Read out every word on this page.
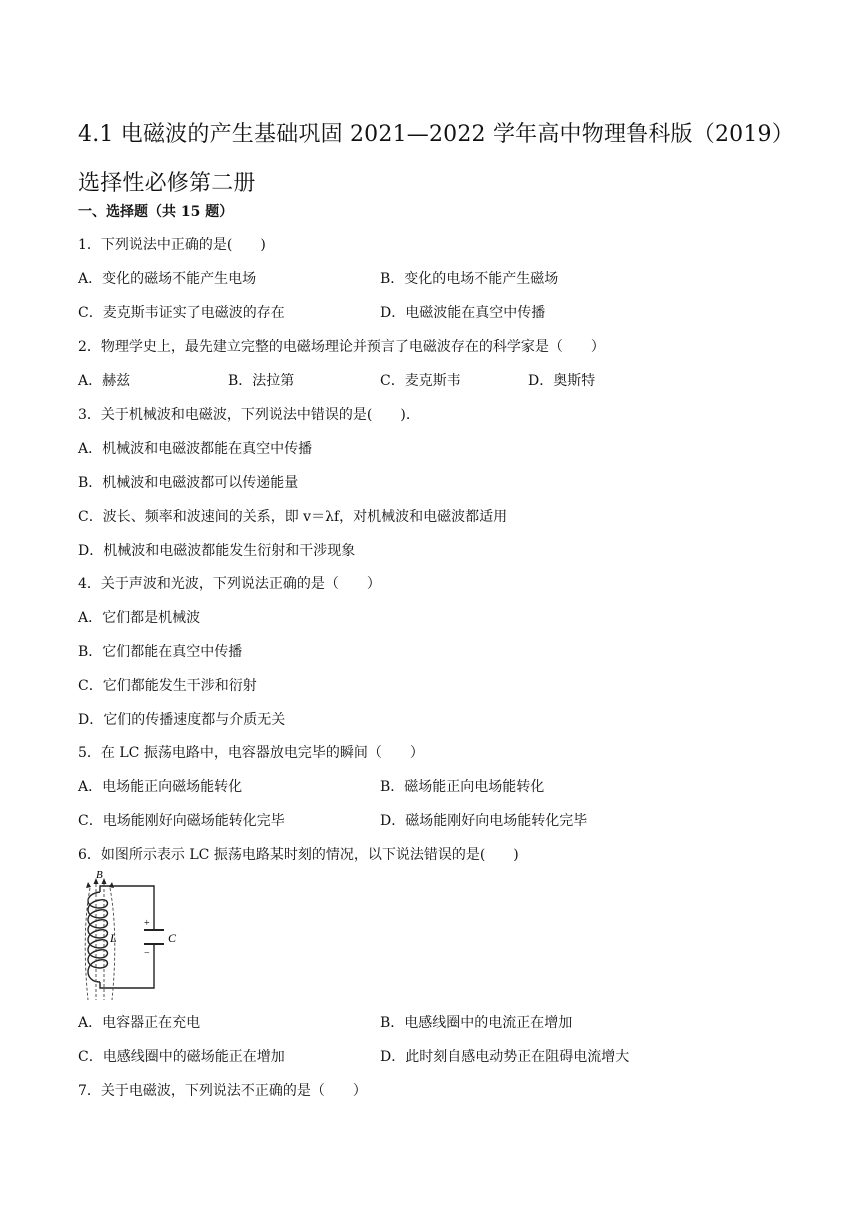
4.1 电磁波的产生基础巩固 2021—2022 学年高中物理鲁科版（2019）选择性必修第二册
一、选择题（共 15 题）
1．下列说法中正确的是(　　)
A．变化的磁场不能产生电场	B．变化的电场不能产生磁场
C．麦克斯韦证实了电磁波的存在	D．电磁波能在真空中传播
2．物理学史上，最先建立完整的电磁场理论并预言了电磁波存在的科学家是（　　）
A．赫兹	B．法拉第	C．麦克斯韦	D．奥斯特
3．关于机械波和电磁波，下列说法中错误的是(　　).
A．机械波和电磁波都能在真空中传播
B．机械波和电磁波都可以传递能量
C．波长、频率和波速间的关系，即 v＝λf，对机械波和电磁波都适用
D．机械波和电磁波都能发生衍射和干涉现象
4．关于声波和光波，下列说法正确的是（　　）
A．它们都是机械波
B．它们都能在真空中传播
C．它们都能发生干涉和衍射
D．它们的传播速度都与介质无关
5．在 LC 振荡电路中，电容器放电完毕的瞬间（　　）
A．电场能正向磁场能转化	B．磁场能正向电场能转化
C．电场能刚好向磁场能转化完毕	D．磁场能刚好向电场能转化完毕
6．如图所示表示 LC 振荡电路某时刻的情况，以下说法错误的是(　　)
B
L	C
+
−
A．电容器正在充电	B．电感线圈中的电流正在增加
C．电感线圈中的磁场能正在增加	D．此时刻自感电动势正在阻碍电流增大
7．关于电磁波，下列说法不正确的是（　　）
